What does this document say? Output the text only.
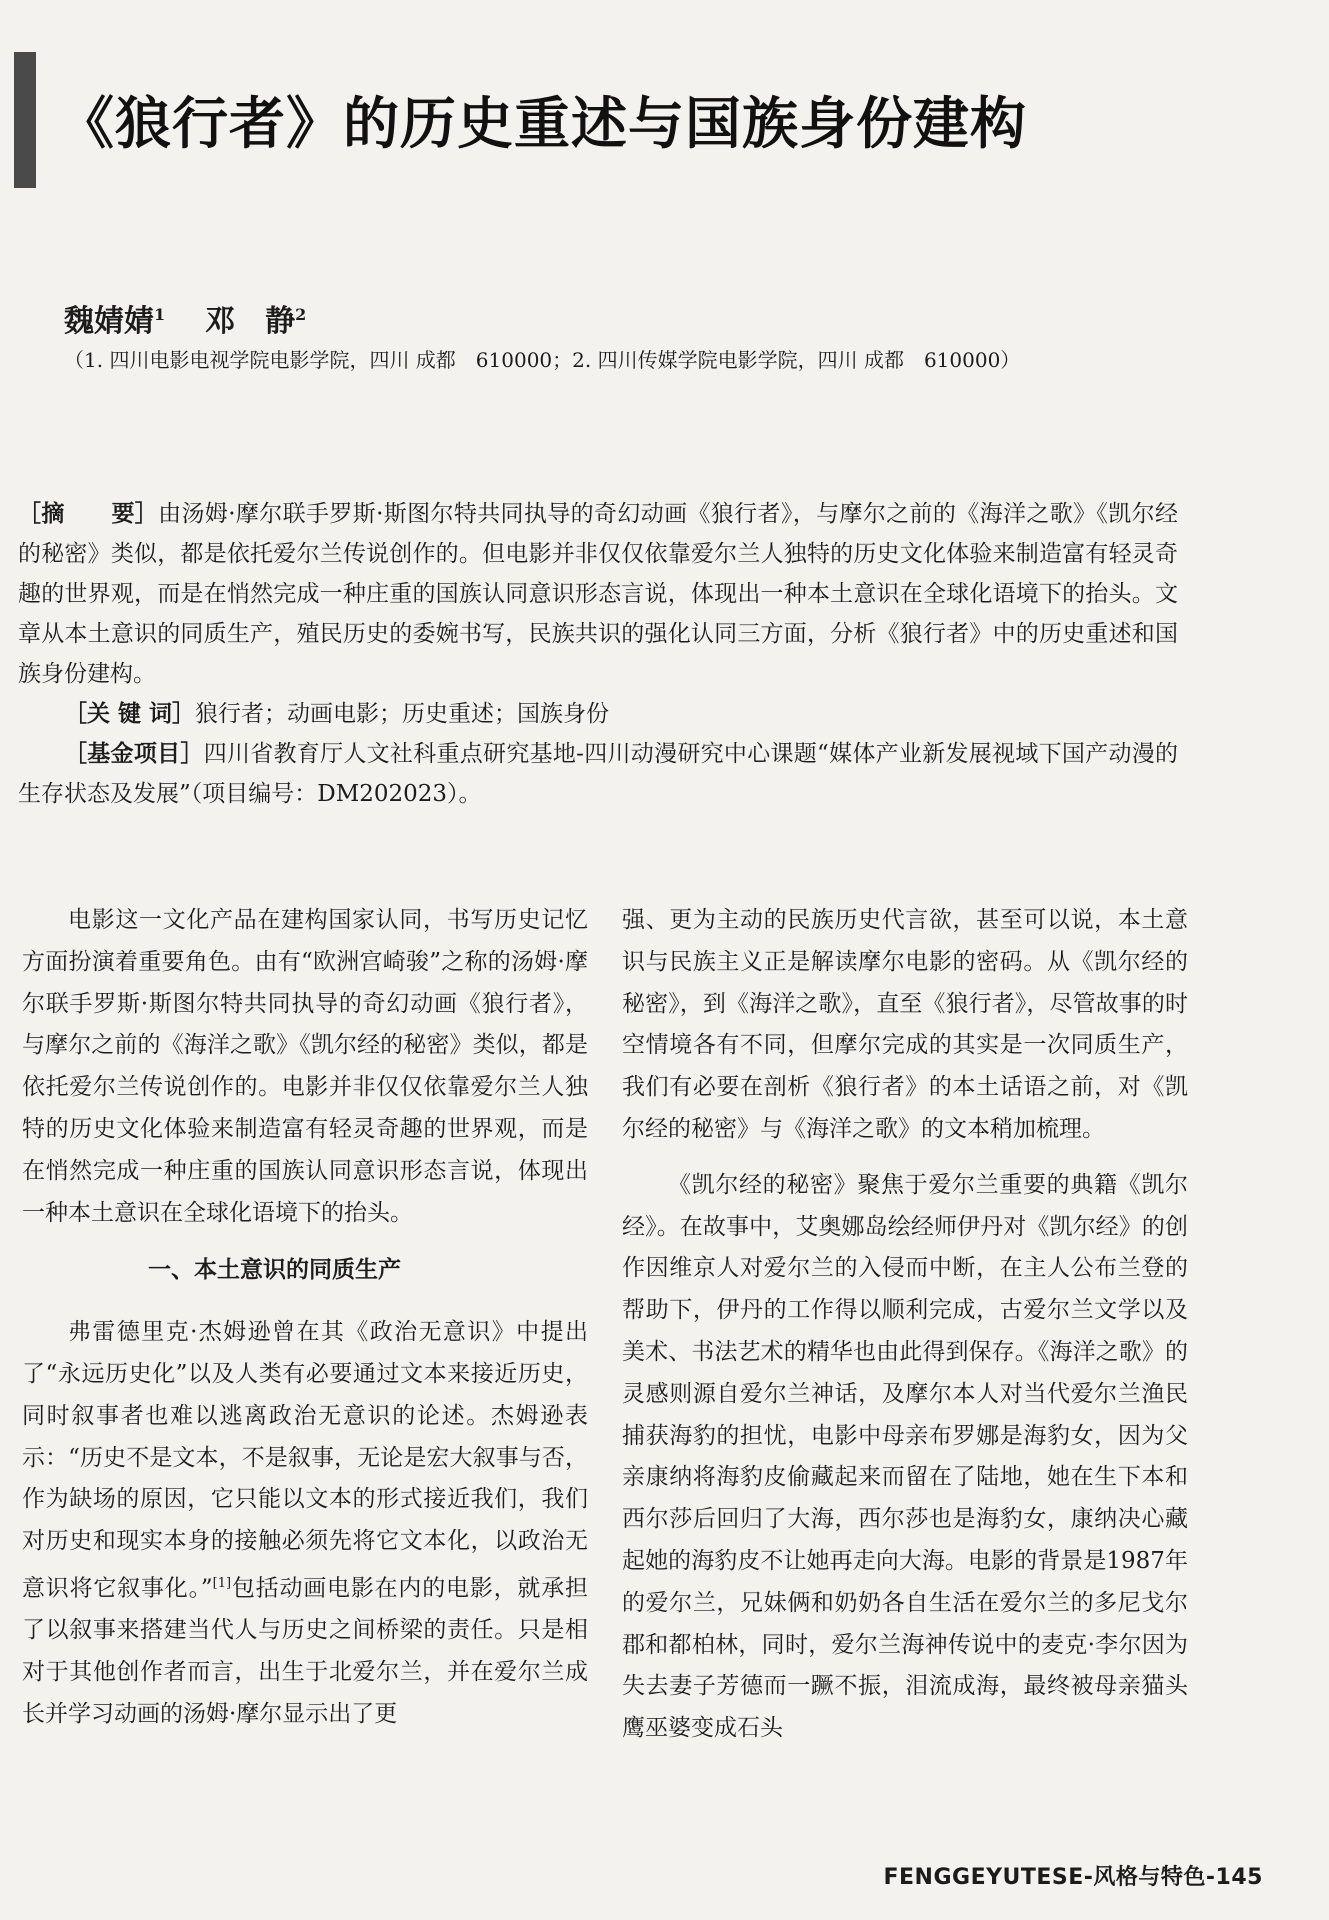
《狼行者》的历史重述与国族身份建构
魏婧婧$^1$ 邓　静$^2$
（1. 四川电影电视学院电影学院，四川 成都　610000；2. 四川传媒学院电影学院，四川 成都　610000）

［摘　　要］由汤姆·摩尔联手罗斯·斯图尔特共同执导的奇幻动画《狼行者》，与摩尔之前的《海洋之歌》《凯尔经的秘密》类似，都是依托爱尔兰传说创作的。但电影并非仅仅依靠爱尔兰人独特的历史文化体验来制造富有轻灵奇趣的世界观，而是在悄然完成一种庄重的国族认同意识形态言说，体现出一种本土意识在全球化语境下的抬头。文章从本土意识的同质生产，殖民历史的委婉书写，民族共识的强化认同三方面，分析《狼行者》中的历史重述和国族身份建构。

［关 键 词］狼行者；动画电影；历史重述；国族身份

［基金项目］四川省教育厅人文社科重点研究基地-四川动漫研究中心课题“媒体产业新发展视域下国产动漫的生存状态及发展”（项目编号：DM202023）。

电影这一文化产品在建构国家认同，书写历史记忆方面扮演着重要角色。由有“欧洲宫崎骏”之称的汤姆·摩尔联手罗斯·斯图尔特共同执导的奇幻动画《狼行者》，与摩尔之前的《海洋之歌》《凯尔经的秘密》类似，都是依托爱尔兰传说创作的。电影并非仅仅依靠爱尔兰人独特的历史文化体验来制造富有轻灵奇趣的世界观，而是在悄然完成一种庄重的国族认同意识形态言说，体现出一种本土意识在全球化语境下的抬头。

一、本土意识的同质生产

弗雷德里克·杰姆逊曾在其《政治无意识》中提出了“永远历史化”以及人类有必要通过文本来接近历史，同时叙事者也难以逃离政治无意识的论述。杰姆逊表示：“历史不是文本，不是叙事，无论是宏大叙事与否，作为缺场的原因，它只能以文本的形式接近我们，我们对历史和现实本身的接触必须先将它文本化，以政治无意识将它叙事化。”[1]包括动画电影在内的电影，就承担了以叙事来搭建当代人与历史之间桥梁的责任。只是相对于其他创作者而言，出生于北爱尔兰，并在爱尔兰成长并学习动画的汤姆·摩尔显示出了更

强、更为主动的民族历史代言欲，甚至可以说，本土意识与民族主义正是解读摩尔电影的密码。从《凯尔经的秘密》，到《海洋之歌》，直至《狼行者》，尽管故事的时空情境各有不同，但摩尔完成的其实是一次同质生产，我们有必要在剖析《狼行者》的本土话语之前，对《凯尔经的秘密》与《海洋之歌》的文本稍加梳理。

《凯尔经的秘密》聚焦于爱尔兰重要的典籍《凯尔经》。在故事中，艾奥娜岛绘经师伊丹对《凯尔经》的创作因维京人对爱尔兰的入侵而中断，在主人公布兰登的帮助下，伊丹的工作得以顺利完成，古爱尔兰文学以及美术、书法艺术的精华也由此得到保存。《海洋之歌》的灵感则源自爱尔兰神话，及摩尔本人对当代爱尔兰渔民捕获海豹的担忧，电影中母亲布罗娜是海豹女，因为父亲康纳将海豹皮偷藏起来而留在了陆地，她在生下本和西尔莎后回归了大海，西尔莎也是海豹女，康纳决心藏起她的海豹皮不让她再走向大海。电影的背景是1987年的爱尔兰，兄妹俩和奶奶各自生活在爱尔兰的多尼戈尔郡和都柏林，同时，爱尔兰海神传说中的麦克·李尔因为失去妻子芳德而一蹶不振，泪流成海，最终被母亲猫头鹰巫婆变成石头

FENGGEYUTESE-风格与特色-145
